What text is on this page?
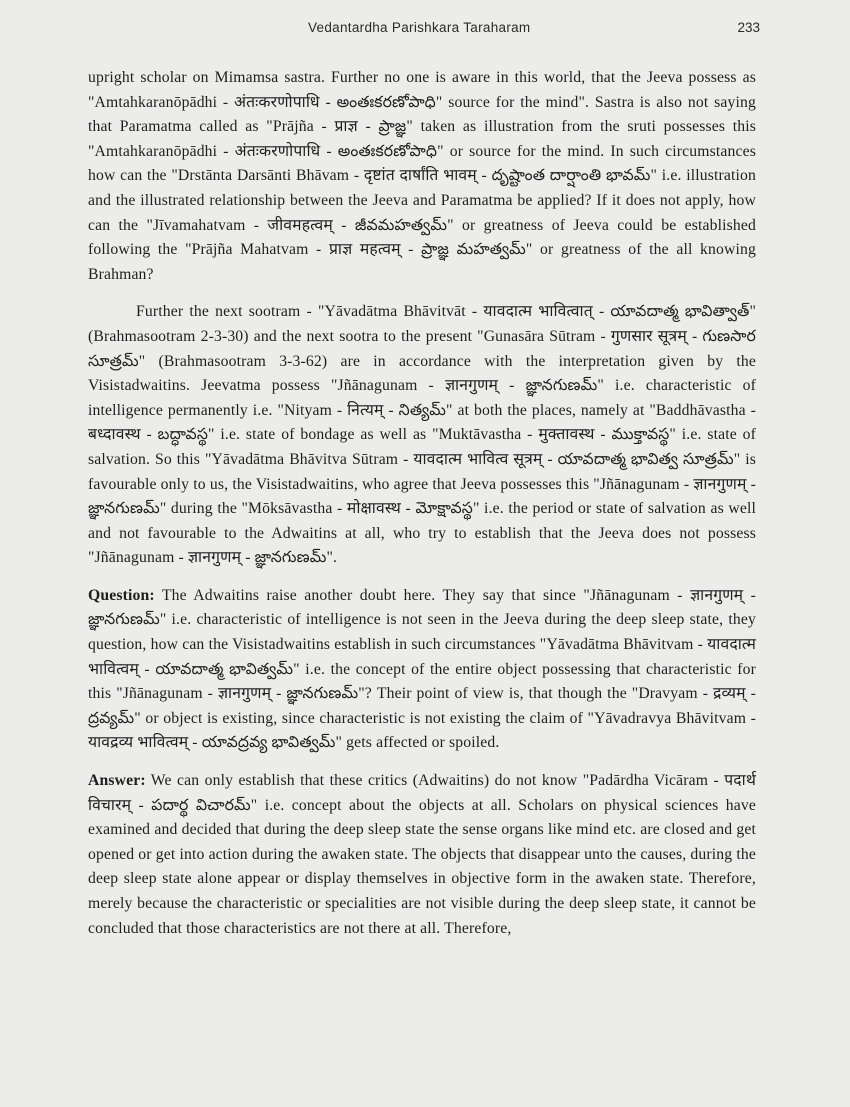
Vedantardha Parishkara Taraharam	233

upright scholar on Mimamsa sastra. Further no one is aware in this world, that the Jeeva possess as "Amtahkaranōpādhi - अंतःकरणोपाधि - అంతఃకరణోపాధి" source for the mind". Sastra is also not saying that Paramatma called as "Prājña - प्राज्ञ - ప్రాజ్ఞ" taken as illustration from the sruti possesses this "Amtahkaranōpādhi - अंतःकरणोपाधि - అంతఃకరణోపాధి" or source for the mind. In such circumstances how can the "Drstānta Darsānti Bhāvam - दृष्टांत दार्षांति भावम् - దృష్టాంత దార్షాంతి భావమ్" i.e. illustration and the illustrated relationship between the Jeeva and Paramatma be applied? If it does not apply, how can the "Jīvamahatvam - जीवमहत्वम् - జీవమహత్వమ్" or greatness of Jeeva could be established following the "Prājña Mahatvam - प्राज्ञ महत्वम् - ప్రాజ్ఞ మహత్వమ్" or greatness of the all knowing Brahman?

Further the next sootram - "Yāvadātma Bhāvitvāt - यावदात्म भावित्वात् - యావదాత్మ భావిత్వాత్" (Brahmasootram 2-3-30) and the next sootra to the present "Gunasāra Sūtram - गुणसार सूत्रम् - గుణసార సూత్రమ్" (Brahmasootram 3-3-62) are in accordance with the interpretation given by the Visistadwaitins. Jeevatma possess "Jñānagunam - ज्ञानगुणम् - జ్ఞానగుణమ్" i.e. characteristic of intelligence permanently i.e. "Nityam - नित्यम् - నిత్యమ్" at both the places, namely at "Baddhāvastha - बध्दावस्थ - బద్ధావస్థ" i.e. state of bondage as well as "Muktāvastha - मुक्तावस्थ - ముక్తావస్థ" i.e. state of salvation. So this "Yāvadātma Bhāvitva Sūtram - यावदात्म भावित्व सूत्रम् - యావదాత్మ భావిత్వ సూత్రమ్" is favourable only to us, the Visistadwaitins, who agree that Jeeva possesses this "Jñānagunam - ज्ञानगुणम् - జ్ఞానగుణమ్" during the "Mōksāvastha - मोक्षावस्थ - మోక్షావస్థ" i.e. the period or state of salvation as well and not favourable to the Adwaitins at all, who try to establish that the Jeeva does not possess "Jñānagunam - ज्ञानगुणम् - జ్ఞానగుణమ్".

Question: The Adwaitins raise another doubt here. They say that since "Jñānagunam - ज्ञानगुणम् - జ్ఞానగుణమ్" i.e. characteristic of intelligence is not seen in the Jeeva during the deep sleep state, they question, how can the Visistadwaitins establish in such circumstances "Yāvadātma Bhāvitvam - यावदात्म भावित्वम् - యావదాత్మ భావిత్వమ్" i.e. the concept of the entire object possessing that characteristic for this "Jñānagunam - ज्ञानगुणम् - జ్ఞానగుణమ్"? Their point of view is, that though the "Dravyam - द्रव्यम् - ద్రవ్యమ్" or object is existing, since characteristic is not existing the claim of "Yāvadravya Bhāvitvam - यावद्रव्य भावित्वम् - యావద్రవ్య భావిత్వమ్" gets affected or spoiled.

Answer: We can only establish that these critics (Adwaitins) do not know "Padārdha Vicāram - पदार्थ विचारम् - పదార్థ విచారమ్" i.e. concept about the objects at all. Scholars on physical sciences have examined and decided that during the deep sleep state the sense organs like mind etc. are closed and get opened or get into action during the awaken state. The objects that disappear unto the causes, during the deep sleep state alone appear or display themselves in objective form in the awaken state. Therefore, merely because the characteristic or specialities are not visible during the deep sleep state, it cannot be concluded that those characteristics are not there at all. Therefore,
